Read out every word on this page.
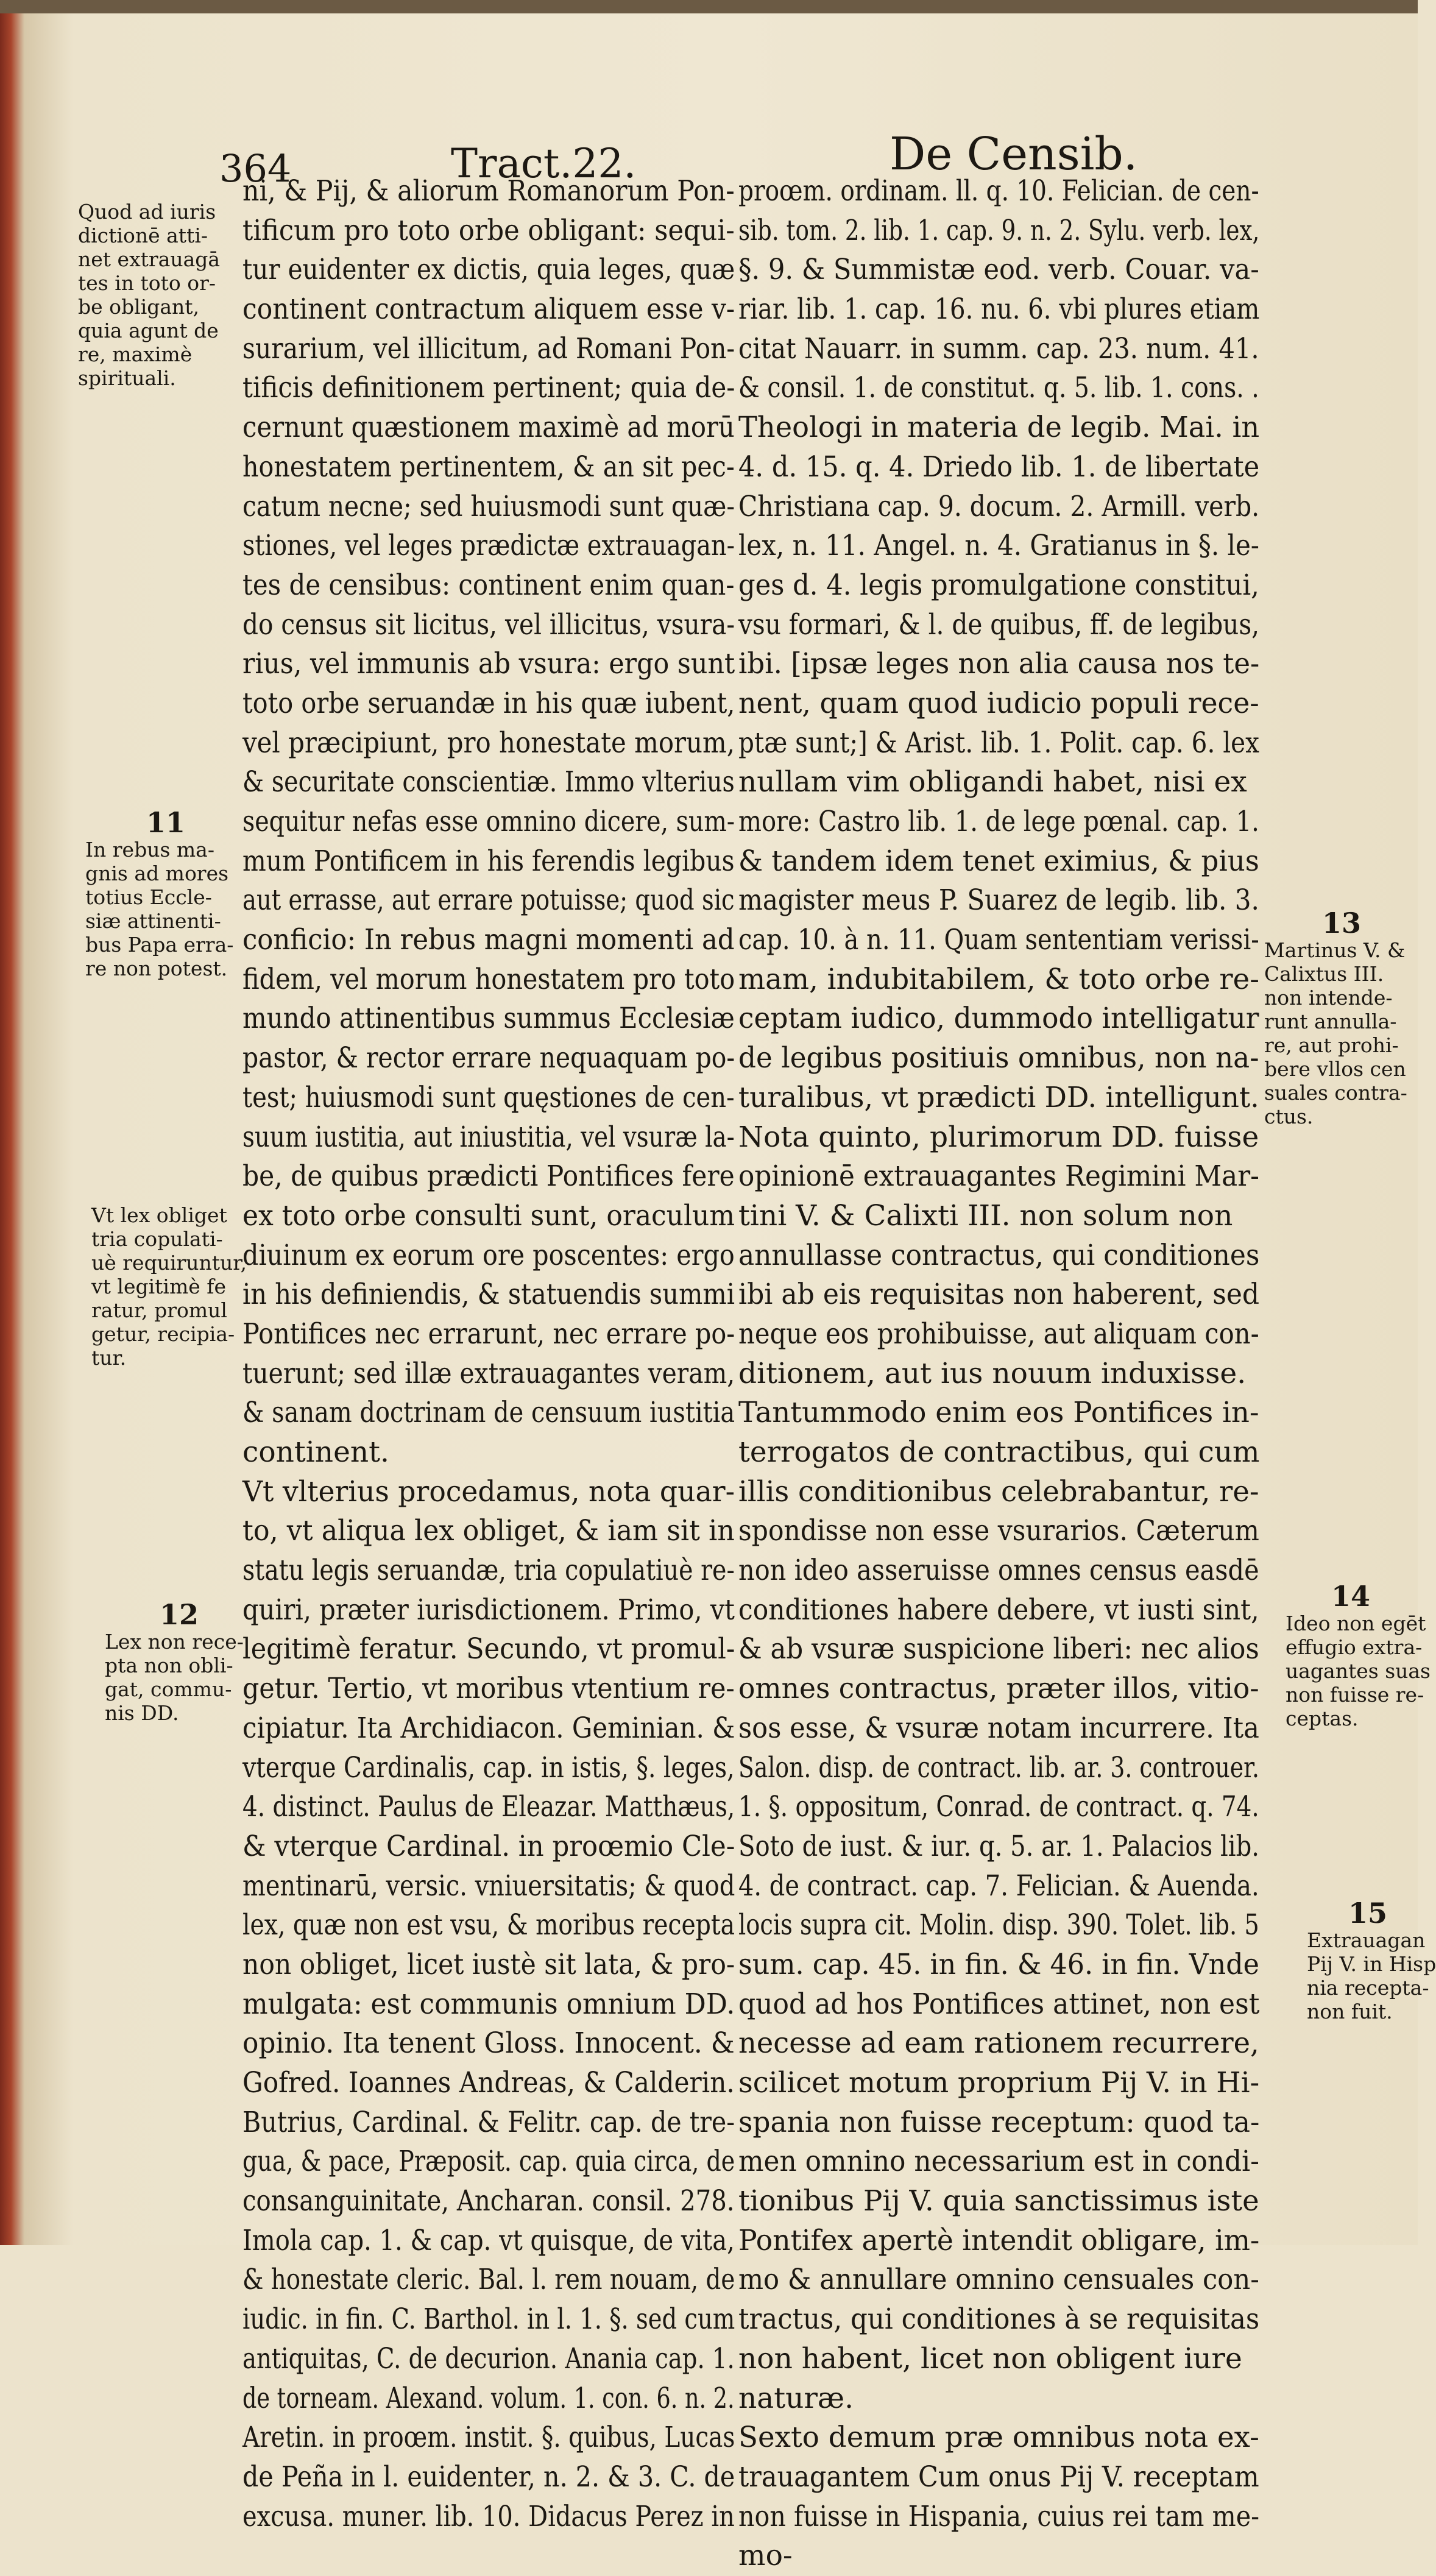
364	Tract.22.	De Censib.
ni, & Pij, & aliorum Romanorum Pon-
tificum pro toto orbe obligant: sequi-
tur euidenter ex dictis, quia leges, quæ
continent contractum aliquem esse v-
surarium, vel illicitum, ad Romani Pon-
tificis definitionem pertinent; quia de-
cernunt quæstionem maximè ad morū
honestatem pertinentem, & an sit pec-
catum necne; sed huiusmodi sunt quæ-
stiones, vel leges prædictæ extrauagan-
tes de censibus: continent enim quan-
do census sit licitus, vel illicitus, vsura-
rius, vel immunis ab vsura: ergo sunt
toto orbe seruandæ in his quæ iubent,
vel præcipiunt, pro honestate morum,
& securitate conscientiæ. Immo vlterius
sequitur nefas esse omnino dicere, sum-
mum Pontificem in his ferendis legibus
aut errasse, aut errare potuisse; quod sic
conficio: In rebus magni momenti ad
fidem, vel morum honestatem pro toto
mundo attinentibus summus Ecclesiæ
pastor, & rector errare nequaquam po-
test; huiusmodi sunt quęstiones de cen-
suum iustitia, aut iniustitia, vel vsuræ la-
be, de quibus prædicti Pontifices fere
ex toto orbe consulti sunt, oraculum
diuinum ex eorum ore poscentes: ergo
in his definiendis, & statuendis summi
Pontifices nec errarunt, nec errare po-
tuerunt; sed illæ extrauagantes veram,
& sanam doctrinam de censuum iustitia
continent.
Vt vlterius procedamus, nota quar-
to, vt aliqua lex obliget, & iam sit in
statu legis seruandæ, tria copulatiuè re-
quiri, præter iurisdictionem. Primo, vt
legitimè feratur. Secundo, vt promul-
getur. Tertio, vt moribus vtentium re-
cipiatur. Ita Archidiacon. Geminian. &
vterque Cardinalis, cap. in istis, §. leges,
4. distinct. Paulus de Eleazar. Matthæus,
& vterque Cardinal. in proœmio Cle-
mentinarū, versic. vniuersitatis; & quod
lex, quæ non est vsu, & moribus recepta
non obliget, licet iustè sit lata, & pro-
mulgata: est communis omnium DD.
opinio. Ita tenent Gloss. Innocent. &
Gofred. Ioannes Andreas, & Calderin.
Butrius, Cardinal. & Felitr. cap. de tre-
gua, & pace, Præposit. cap. quia circa, de
consanguinitate, Ancharan. consil. 278.
Imola cap. 1. & cap. vt quisque, de vita,
& honestate cleric. Bal. l. rem nouam, de
iudic. in fin. C. Barthol. in l. 1. §. sed cum
antiquitas, C. de decurion. Anania cap. 1.
de torneam. Alexand. volum. 1. con. 6. n. 2.
Aretin. in proœm. instit. §. quibus, Lucas
de Peña in l. euidenter, n. 2. & 3. C. de
excusa. muner. lib. 10. Didacus Perez in
proœm. ordinam. ll. q. 10. Felician. de cen-
sib. tom. 2. lib. 1. cap. 9. n. 2. Sylu. verb. lex,
§. 9. & Summistæ eod. verb. Couar. va-
riar. lib. 1. cap. 16. nu. 6. vbi plures etiam
citat Nauarr. in summ. cap. 23. num. 41.
& consil. 1. de constitut. q. 5. lib. 1. cons. .
Theologi in materia de legib. Mai. in
4. d. 15. q. 4. Driedo lib. 1. de libertate
Christiana cap. 9. docum. 2. Armill. verb.
lex, n. 11. Angel. n. 4. Gratianus in §. le-
ges d. 4. legis promulgatione constitui,
vsu formari, & l. de quibus, ff. de legibus,
ibi. [ipsæ leges non alia causa nos te-
nent, quam quod iudicio populi rece-
ptæ sunt;] & Arist. lib. 1. Polit. cap. 6. lex
nullam vim obligandi habet, nisi ex
more: Castro lib. 1. de lege pœnal. cap. 1.
& tandem idem tenet eximius, & pius
magister meus P. Suarez de legib. lib. 3.
cap. 10. à n. 11. Quam sententiam verissi-
mam, indubitabilem, & toto orbe re-
ceptam iudico, dummodo intelligatur
de legibus positiuis omnibus, non na-
turalibus, vt prædicti DD. intelligunt.
Nota quinto, plurimorum DD. fuisse
opinionē extrauagantes Regimini Mar-
tini V. & Calixti III. non solum non
annullasse contractus, qui conditiones
ibi ab eis requisitas non haberent, sed
neque eos prohibuisse, aut aliquam con-
ditionem, aut ius nouum induxisse.
Tantummodo enim eos Pontifices in-
terrogatos de contractibus, qui cum
illis conditionibus celebrabantur, re-
spondisse non esse vsurarios. Cæterum
non ideo asseruisse omnes census easdē
conditiones habere debere, vt iusti sint,
& ab vsuræ suspicione liberi: nec alios
omnes contractus, præter illos, vitio-
sos esse, & vsuræ notam incurrere. Ita
Salon. disp. de contract. lib. ar. 3. controuer.
1. §. oppositum, Conrad. de contract. q. 74.
Soto de iust. & iur. q. 5. ar. 1. Palacios lib.
4. de contract. cap. 7. Felician. & Auenda.
locis supra cit. Molin. disp. 390. Tolet. lib. 5
sum. cap. 45. in fin. & 46. in fin. Vnde
quod ad hos Pontifices attinet, non est
necesse ad eam rationem recurrere,
scilicet motum proprium Pij V. in Hi-
spania non fuisse receptum: quod ta-
men omnino necessarium est in condi-
tionibus Pij V. quia sanctissimus iste
Pontifex apertè intendit obligare, im-
mo & annullare omnino censuales con-
tractus, qui conditiones à se requisitas
non habent, licet non obligent iure
naturæ.
Sexto demum præ omnibus nota ex-
trauagantem Cum onus Pij V. receptam
non fuisse in Hispania, cuius rei tam me-
mo-
Quod ad iuris
dictionē atti-
net extrauagā
tes in toto or-
be obligant,
quia agunt de
re, maximè
spirituali.
11
In rebus ma-
gnis ad mores
totius Eccle-
siæ attinenti-
bus Papa erra-
re non potest.
Vt lex obliget
tria copulati-
uè requiruntur,
vt legitimè fe
ratur, promul
getur, recipia-
tur.
12
Lex non rece-
pta non obli-
gat, commu-
nis DD.
13
Martinus V. &
Calixtus III.
non intende-
runt annulla-
re, aut prohi-
bere vllos cen
suales contra-
ctus.
14
Ideo non egēt
effugio extra-
uagantes suas
non fuisse re-
ceptas.
15
Extrauagan
Pij V. in Hisp
nia recepta-
non fuit.
